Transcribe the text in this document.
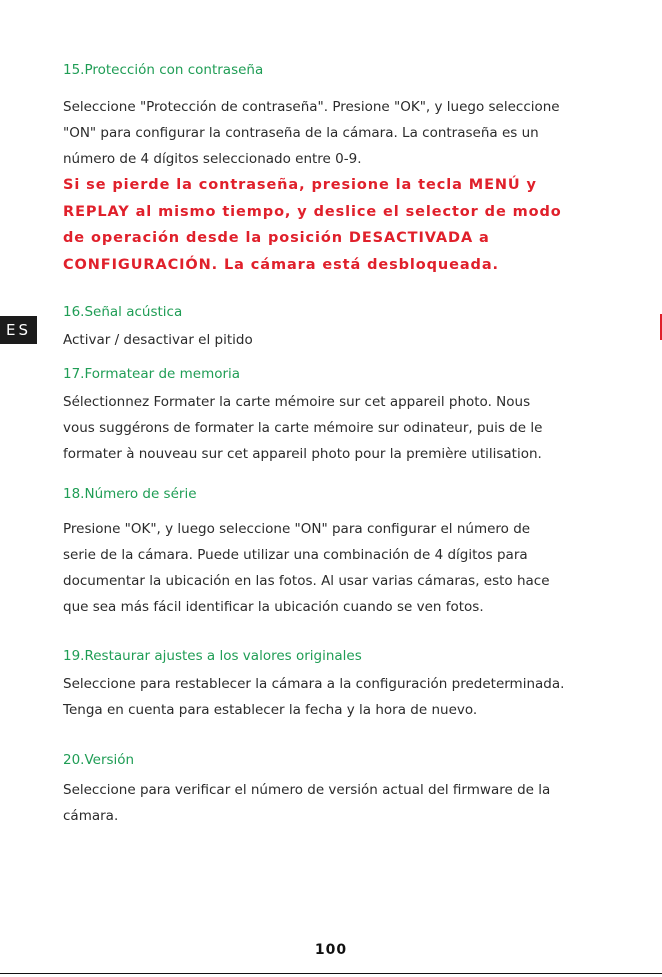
ES
15.Protección con contraseña
Seleccione "Protección de contraseña". Presione "OK", y luego seleccione
"ON" para configurar la contraseña de la cámara. La contraseña es un
número de 4 dígitos seleccionado entre 0-9.
Si se pierde la contraseña, presione la tecla MENÚ y
REPLAY al mismo tiempo, y deslice el selector de modo
de operación desde la posición DESACTIVADA a
CONFIGURACIÓN. La cámara está desbloqueada.
16.Señal acústica
Activar / desactivar el pitido
17.Formatear de memoria
Sélectionnez Formater la carte mémoire sur cet appareil photo. Nous
vous suggérons de formater la carte mémoire sur odinateur, puis de le
formater à nouveau sur cet appareil photo pour la première utilisation.
18.Número de série
Presione "OK", y luego seleccione "ON" para configurar el número de
serie de la cámara. Puede utilizar una combinación de 4 dígitos para
documentar la ubicación en las fotos. Al usar varias cámaras, esto hace
que sea más fácil identificar la ubicación cuando se ven fotos.
19.Restaurar ajustes a los valores originales
Seleccione para restablecer la cámara a la configuración predeterminada.
Tenga en cuenta para establecer la fecha y la hora de nuevo.
20.Versión
Seleccione para verificar el número de versión actual del firmware de la
cámara.
100
